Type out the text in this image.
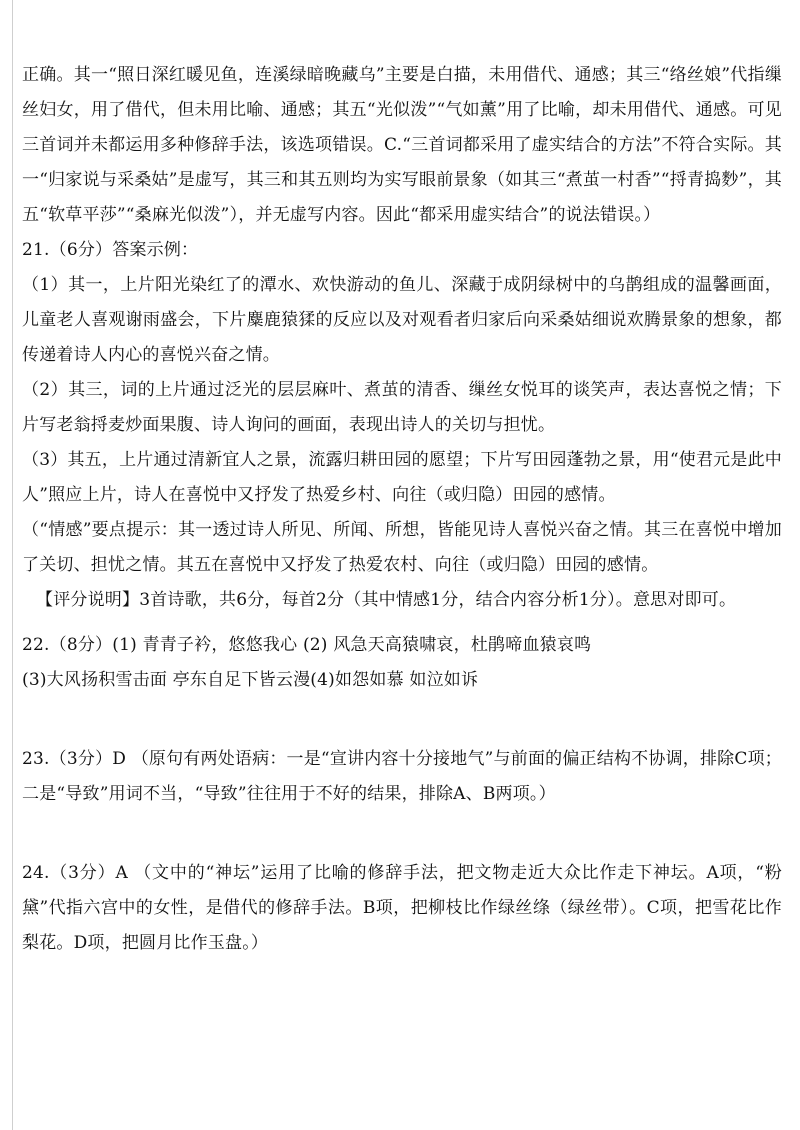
正确。其一“照日深红暖见鱼，连溪绿暗晚藏乌”主要是白描，未用借代、通感；其三“络丝娘”代指缫丝妇女，用了借代，但未用比喻、通感；其五“光似泼”“气如薰”用了比喻，却未用借代、通感。可见三首词并未都运用多种修辞手法，该选项错误。C.“三首词都采用了虚实结合的方法”不符合实际。其一“归家说与采桑姑”是虚写，其三和其五则均为实写眼前景象（如其三“煮茧一村香”“捋青捣麨”，其五“软草平莎”“桑麻光似泼”），并无虚写内容。因此“都采用虚实结合”的说法错误。）

21.（6分）答案示例：

（1）其一，上片阳光染红了的潭水、欢快游动的鱼儿、深藏于成阴绿树中的乌鹊组成的温馨画面，儿童老人喜观谢雨盛会，下片麋鹿猿猱的反应以及对观看者归家后向采桑姑细说欢腾景象的想象，都传递着诗人内心的喜悦兴奋之情。

（2）其三，词的上片通过泛光的层层麻叶、煮茧的清香、缫丝女悦耳的谈笑声，表达喜悦之情；下片写老翁捋麦炒面果腹、诗人询问的画面，表现出诗人的关切与担忧。

（3）其五，上片通过清新宜人之景，流露归耕田园的愿望；下片写田园蓬勃之景，用“使君元是此中人”照应上片，诗人在喜悦中又抒发了热爱乡村、向往（或归隐）田园的感情。

（“情感”要点提示：其一透过诗人所见、所闻、所想，皆能见诗人喜悦兴奋之情。其三在喜悦中增加了关切、担忧之情。其五在喜悦中又抒发了热爱农村、向往（或归隐）田园的感情。

【评分说明】3首诗歌，共6分，每首2分（其中情感1分，结合内容分析1分）。意思对即可。

22.（8分）(1) 青青子衿，悠悠我心 (2) 风急天高猿啸哀，杜鹃啼血猿哀鸣

(3)大风扬积雪击面 亭东自足下皆云漫(4)如怨如慕 如泣如诉

23.（3分）D （原句有两处语病：一是“宣讲内容十分接地气”与前面的偏正结构不协调，排除C项；二是“导致”用词不当，“导致”往往用于不好的结果，排除A、B两项。）

24.（3分）A （文中的“神坛”运用了比喻的修辞手法，把文物走近大众比作走下神坛。A项，“粉黛”代指六宫中的女性，是借代的修辞手法。B项，把柳枝比作绿丝绦（绿丝带）。C项，把雪花比作梨花。D项，把圆月比作玉盘。）
